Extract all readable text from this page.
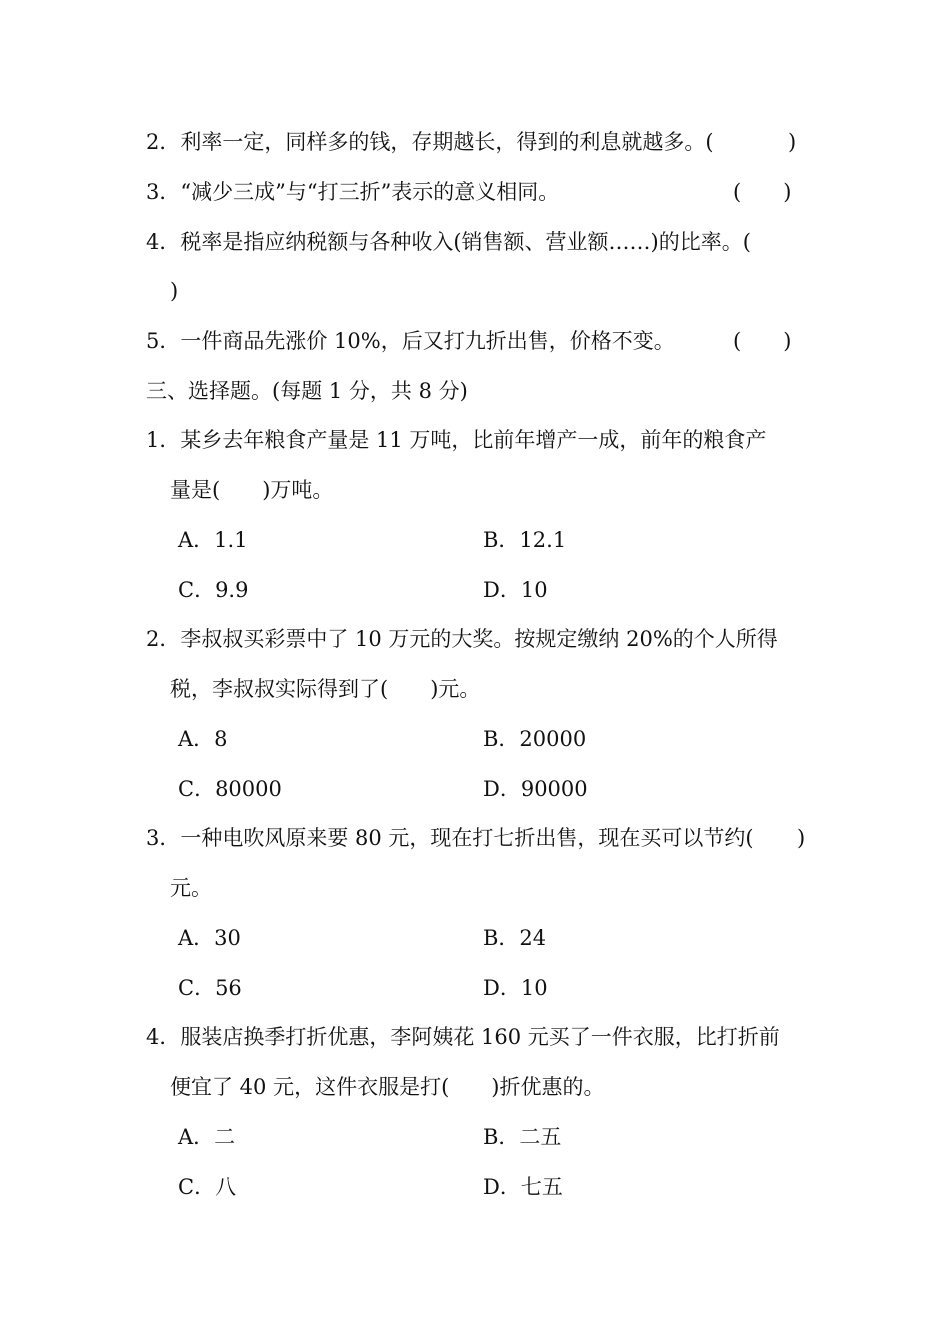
2．利率一定，同样多的钱，存期越长，得到的利息就越多。(	)
3．“减少三成”与“打三折”表示的意义相同。	(　　)
4．税率是指应纳税额与各种收入(销售额、营业额……)的比率。(
)
5．一件商品先涨价 10%，后又打九折出售，价格不变。	(　　)
三、选择题。(每题 1 分，共 8 分)
1．某乡去年粮食产量是 11 万吨，比前年增产一成，前年的粮食产
量是(　　)万吨。
A．1.1	B．12.1
C．9.9	D．10
2．李叔叔买彩票中了 10 万元的大奖。按规定缴纳 20%的个人所得
税，李叔叔实际得到了(　　)元。
A．8	B．20000
C．80000	D．90000
3．一种电吹风原来要 80 元，现在打七折出售，现在买可以节约( )
元。
A．30	B．24
C．56	D．10
4．服装店换季打折优惠，李阿姨花 160 元买了一件衣服，比打折前
便宜了 40 元，这件衣服是打(　　)折优惠的。
A．二	B．二五
C．八	D．七五
